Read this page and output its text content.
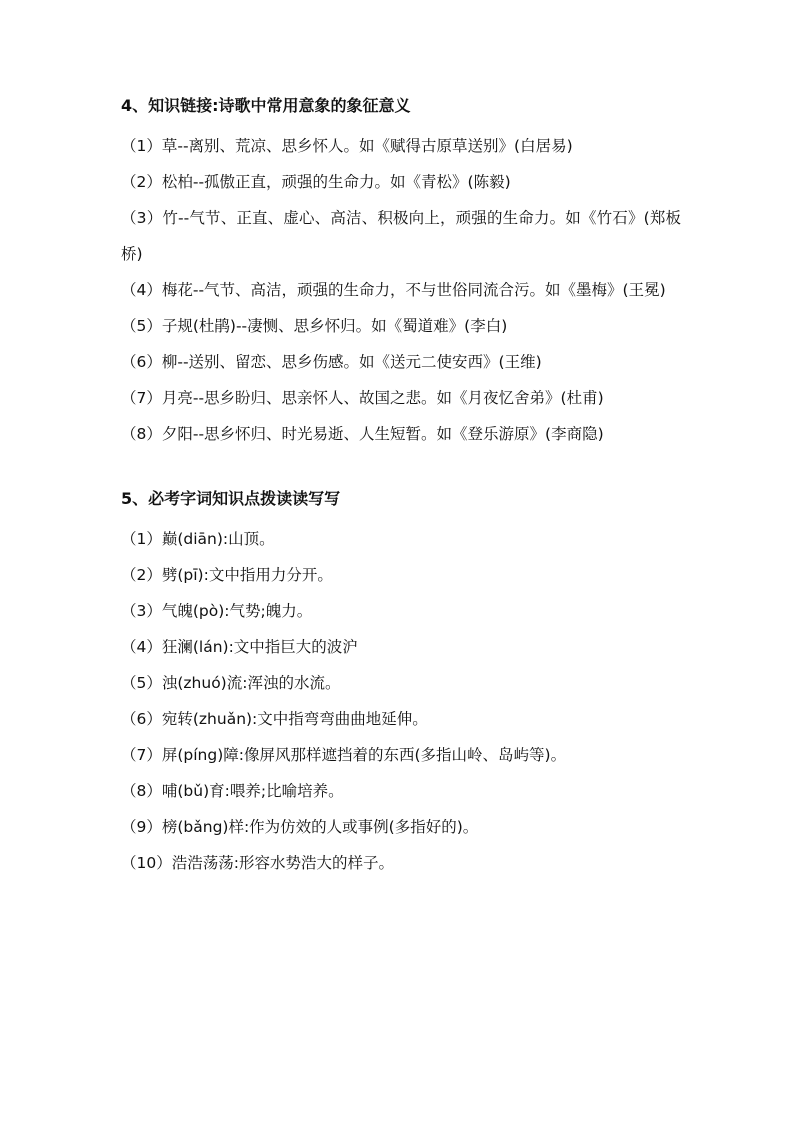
4、知识链接:诗歌中常用意象的象征意义

（1）草--离别、荒凉、思乡怀人。如《赋得古原草送别》(白居易)

（2）松柏--孤傲正直，顽强的生命力。如《青松》(陈毅)

（3）竹--气节、正直、虚心、高洁、积极向上，顽强的生命力。如《竹石》(郑板桥)

（4）梅花--气节、高洁，顽强的生命力，不与世俗同流合污。如《墨梅》(王冕)

（5）子规(杜鹃)--凄恻、思乡怀归。如《蜀道难》(李白)

（6）柳--送别、留恋、思乡伤感。如《送元二使安西》(王维)

（7）月亮--思乡盼归、思亲怀人、故国之悲。如《月夜忆舍弟》(杜甫)

（8）夕阳--思乡怀归、时光易逝、人生短暂。如《登乐游原》(李商隐)

5、必考字词知识点拨读读写写

（1）巅(diān):山顶。

（2）劈(pī):文中指用力分开。

（3）气魄(pò):气势;魄力。

（4）狂澜(lán):文中指巨大的波沪

（5）浊(zhuó)流:浑浊的水流。

（6）宛转(zhuǎn):文中指弯弯曲曲地延伸。

（7）屏(píng)障:像屏风那样遮挡着的东西(多指山岭、岛屿等)。

（8）哺(bǔ)育:喂养;比喻培养。

（9）榜(bǎng)样:作为仿效的人或事例(多指好的)。

（10）浩浩荡荡:形容水势浩大的样子。
